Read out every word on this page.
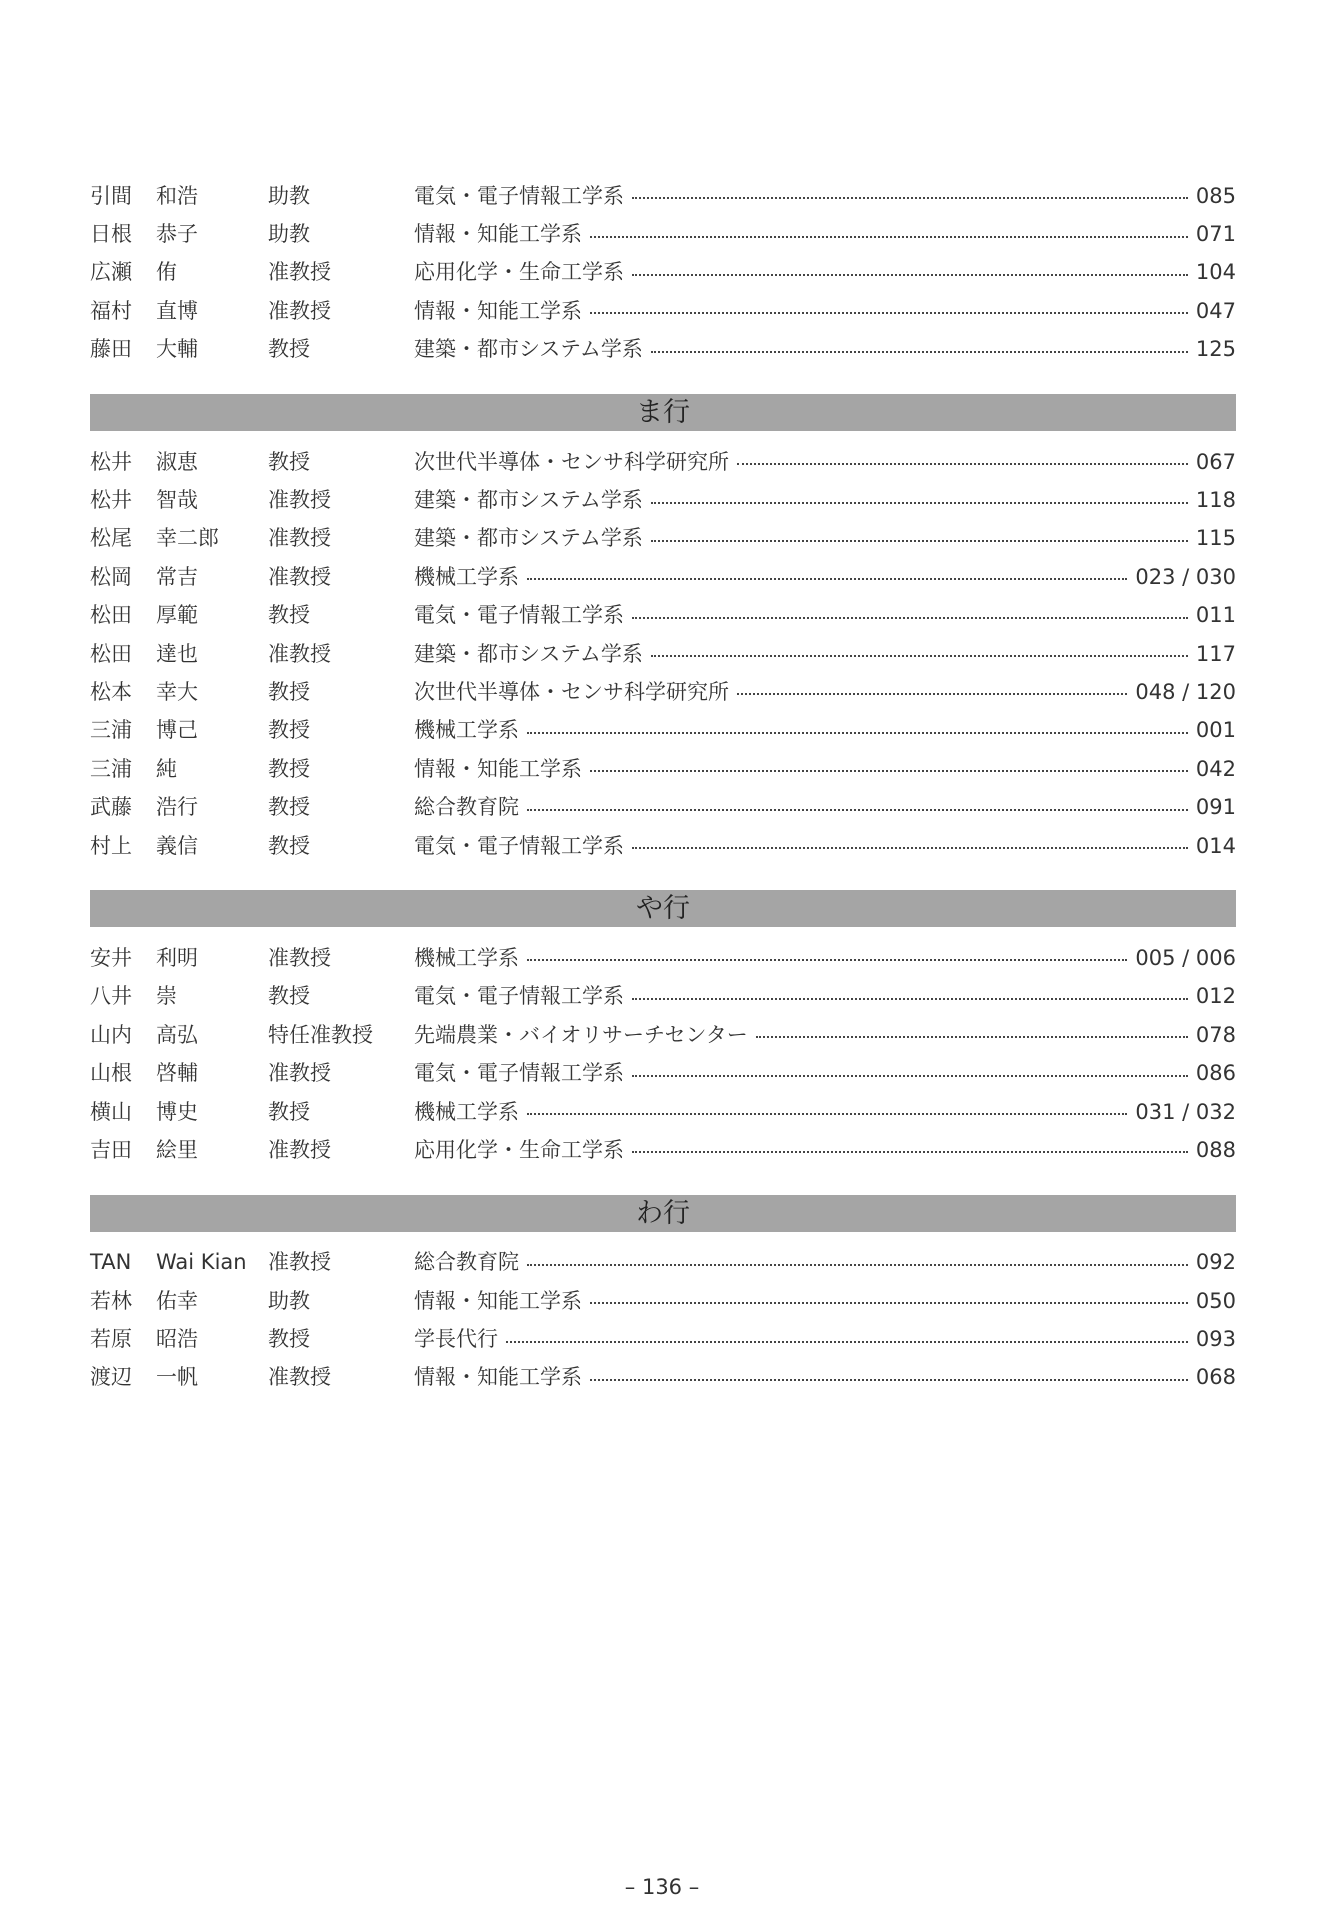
引間	和浩	助教	電気・電子情報工学系	085
日根	恭子	助教	情報・知能工学系	071
広瀬	侑	准教授	応用化学・生命工学系	104
福村	直博	准教授	情報・知能工学系	047
藤田	大輔	教授	建築・都市システム学系	125
ま行
松井	淑恵	教授	次世代半導体・センサ科学研究所	067
松井	智哉	准教授	建築・都市システム学系	118
松尾	幸二郎	准教授	建築・都市システム学系	115
松岡	常吉	准教授	機械工学系	023 / 030
松田	厚範	教授	電気・電子情報工学系	011
松田	達也	准教授	建築・都市システム学系	117
松本	幸大	教授	次世代半導体・センサ科学研究所	048 / 120
三浦	博己	教授	機械工学系	001
三浦	純	教授	情報・知能工学系	042
武藤	浩行	教授	総合教育院	091
村上	義信	教授	電気・電子情報工学系	014
や行
安井	利明	准教授	機械工学系	005 / 006
八井	崇	教授	電気・電子情報工学系	012
山内	高弘	特任准教授	先端農業・バイオリサーチセンター	078
山根	啓輔	准教授	電気・電子情報工学系	086
横山	博史	教授	機械工学系	031 / 032
吉田	絵里	准教授	応用化学・生命工学系	088
わ行
TAN	Wai Kian	准教授	総合教育院	092
若林	佑幸	助教	情報・知能工学系	050
若原	昭浩	教授	学長代行	093
渡辺	一帆	准教授	情報・知能工学系	068
– 136 –
